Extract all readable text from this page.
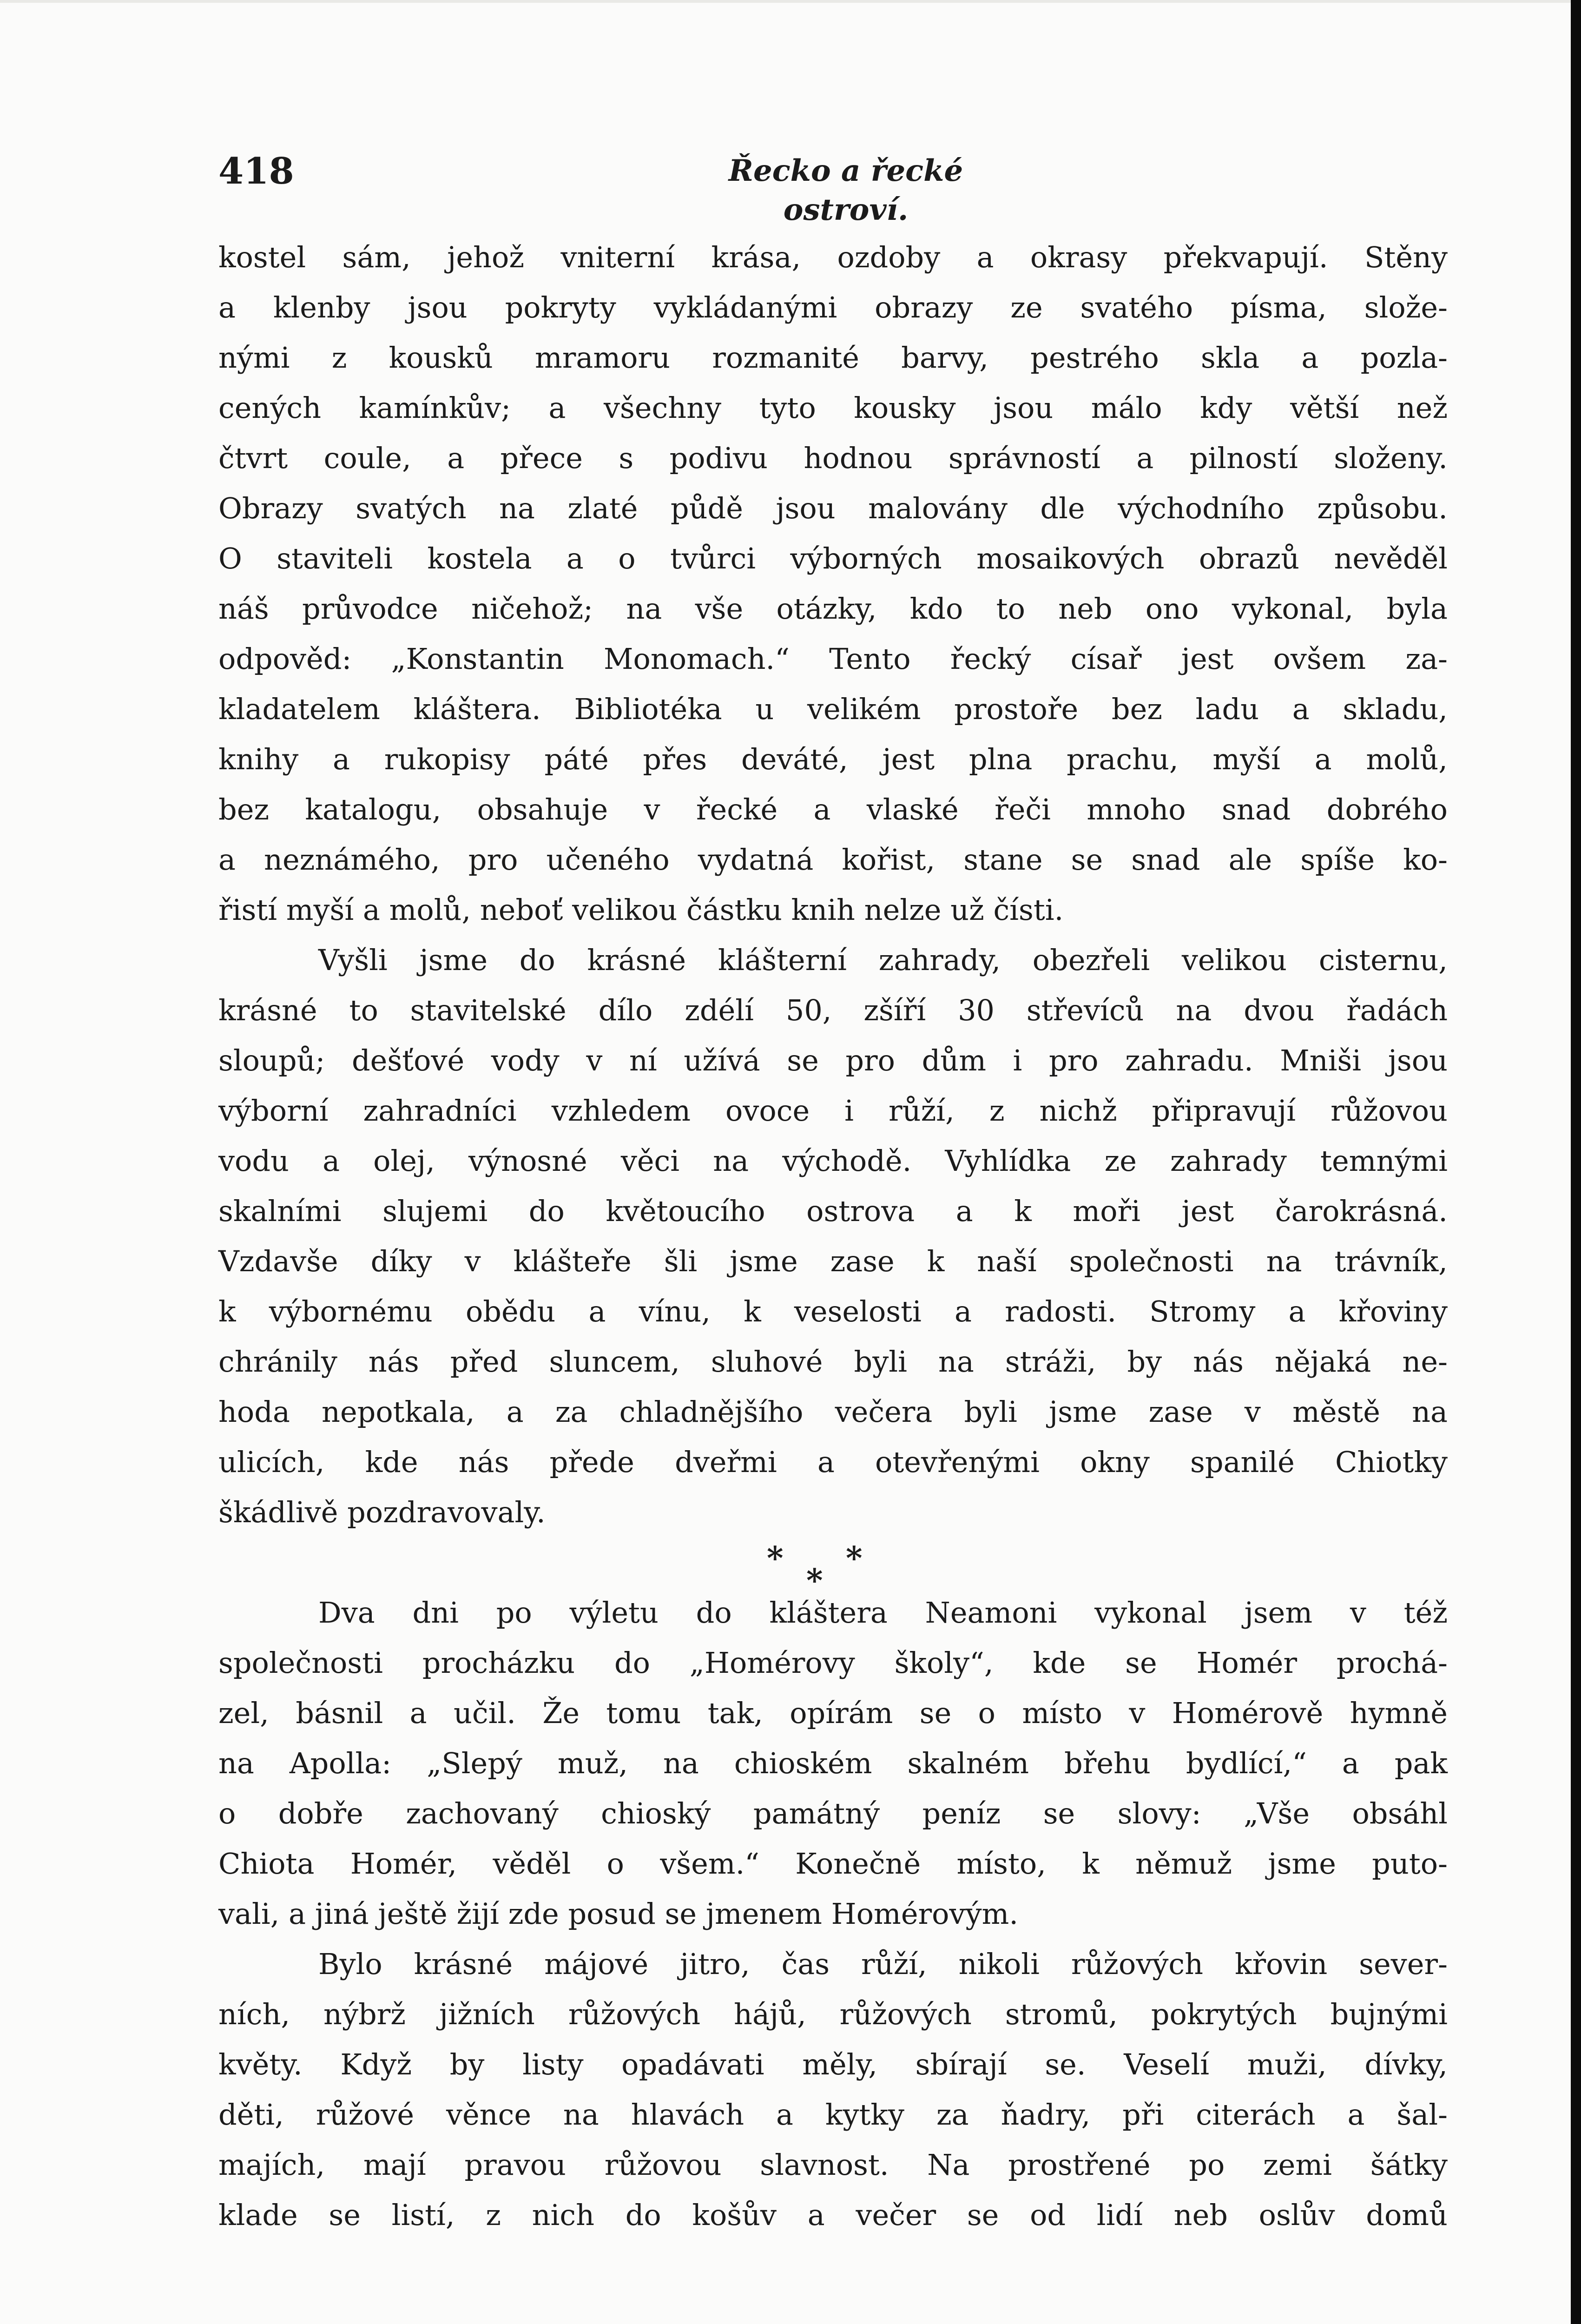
418	Řecko a řecké ostroví.
kostel sám, jehož vniterní krása, ozdoby a okrasy překvapují. Stěny
a klenby jsou pokryty vykládanými obrazy ze svatého písma, slože-
nými z kousků mramoru rozmanité barvy, pestrého skla a pozla-
cených kamínkův; a všechny tyto kousky jsou málo kdy větší než
čtvrt coule, a přece s podivu hodnou správností a pilností složeny.
Obrazy svatých na zlaté půdě jsou malovány dle východního způsobu.
O staviteli kostela a o tvůrci výborných mosaikových obrazů nevěděl
náš průvodce ničehož; na vše otázky, kdo to neb ono vykonal, byla
odpověd: „Konstantin Monomach.“ Tento řecký císař jest ovšem za-
kladatelem kláštera. Bibliotéka u velikém prostoře bez ladu a skladu,
knihy a rukopisy páté přes deváté, jest plna prachu, myší a molů,
bez katalogu, obsahuje v řecké a vlaské řeči mnoho snad dobrého
a neznámého, pro učeného vydatná kořist, stane se snad ale spíše ko-
řistí myší a molů, neboť velikou částku knih nelze už čísti.
Vyšli jsme do krásné klášterní zahrady, obezřeli velikou cisternu,
krásné to stavitelské dílo zdélí 50, zšíří 30 střevíců na dvou řadách
sloupů; dešťové vody v ní užívá se pro dům i pro zahradu. Mniši jsou
výborní zahradníci vzhledem ovoce i růží, z nichž připravují růžovou
vodu a olej, výnosné věci na východě. Vyhlídka ze zahrady temnými
skalními slujemi do květoucího ostrova a k moři jest čarokrásná.
Vzdavše díky v klášteře šli jsme zase k naší společnosti na trávník,
k výbornému obědu a vínu, k veselosti a radosti. Stromy a křoviny
chránily nás před sluncem, sluhové byli na stráži, by nás nějaká ne-
hoda nepotkala, a za chladnějšího večera byli jsme zase v městě na
ulicích, kde nás přede dveřmi a otevřenými okny spanilé Chiotky
škádlivě pozdravovaly.
*
*
*
Dva dni po výletu do kláštera Neamoni vykonal jsem v též
společnosti procházku do „Homérovy školy“, kde se Homér prochá-
zel, básnil a učil. Že tomu tak, opírám se o místo v Homérově hymně
na Apolla: „Slepý muž, na chioském skalném břehu bydlící,“ a pak
o dobře zachovaný chioský památný peníz se slovy: „Vše obsáhl
Chiota Homér, věděl o všem.“ Konečně místo, k němuž jsme puto-
vali, a jiná ještě žijí zde posud se jmenem Homérovým.
Bylo krásné májové jitro, čas růží, nikoli růžových křovin sever-
ních, nýbrž jižních růžových hájů, růžových stromů, pokrytých bujnými
květy. Když by listy opadávati měly, sbírají se. Veselí muži, dívky,
děti, růžové věnce na hlavách a kytky za ňadry, při citerách a šal-
majích, mají pravou růžovou slavnost. Na prostřené po zemi šátky
klade se listí, z nich do košův a večer se od lidí neb oslův domů
